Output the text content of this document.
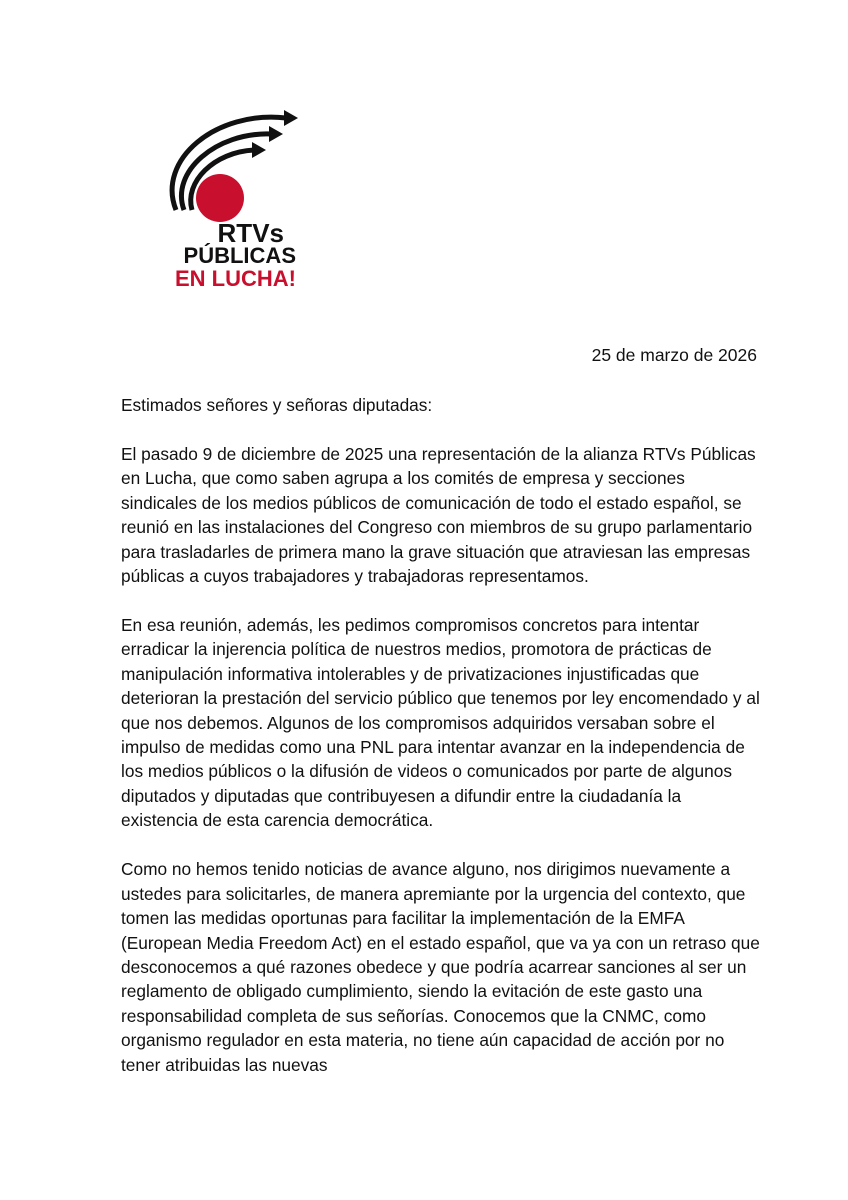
RTVs
PÚBLICAS
EN LUCHA!
25 de marzo de 2026
Estimados señores y señoras diputadas:

El pasado 9 de diciembre de 2025 una representación de la alianza RTVs Públicas en Lucha, que como saben agrupa a los comités de empresa y secciones sindicales de los medios públicos de comunicación de todo el estado español, se reunió en las instalaciones del Congreso con miembros de su grupo parlamentario para trasladarles de primera mano la grave situación que atraviesan las empresas públicas a cuyos trabajadores y trabajadoras representamos.

En esa reunión, además, les pedimos compromisos concretos para intentar erradicar la injerencia política de nuestros medios, promotora de prácticas de manipulación informativa intolerables y de privatizaciones injustificadas que deterioran la prestación del servicio público que tenemos por ley encomendado y al que nos debemos. Algunos de los compromisos adquiridos versaban sobre el impulso de medidas como una PNL para intentar avanzar en la independencia de los medios públicos o la difusión de videos o comunicados por parte de algunos diputados y diputadas que contribuyesen a difundir entre la ciudadanía la existencia de esta carencia democrática.

Como no hemos tenido noticias de avance alguno, nos dirigimos nuevamente a ustedes para solicitarles, de manera apremiante por la urgencia del contexto, que tomen las medidas oportunas para facilitar la implementación de la EMFA (European Media Freedom Act) en el estado español, que va ya con un retraso que desconocemos a qué razones obedece y que podría acarrear sanciones al ser un reglamento de obligado cumplimiento, siendo la evitación de este gasto una responsabilidad completa de sus señorías. Conocemos que la CNMC, como organismo regulador en esta materia, no tiene aún capacidad de acción por no tener atribuidas las nuevas
